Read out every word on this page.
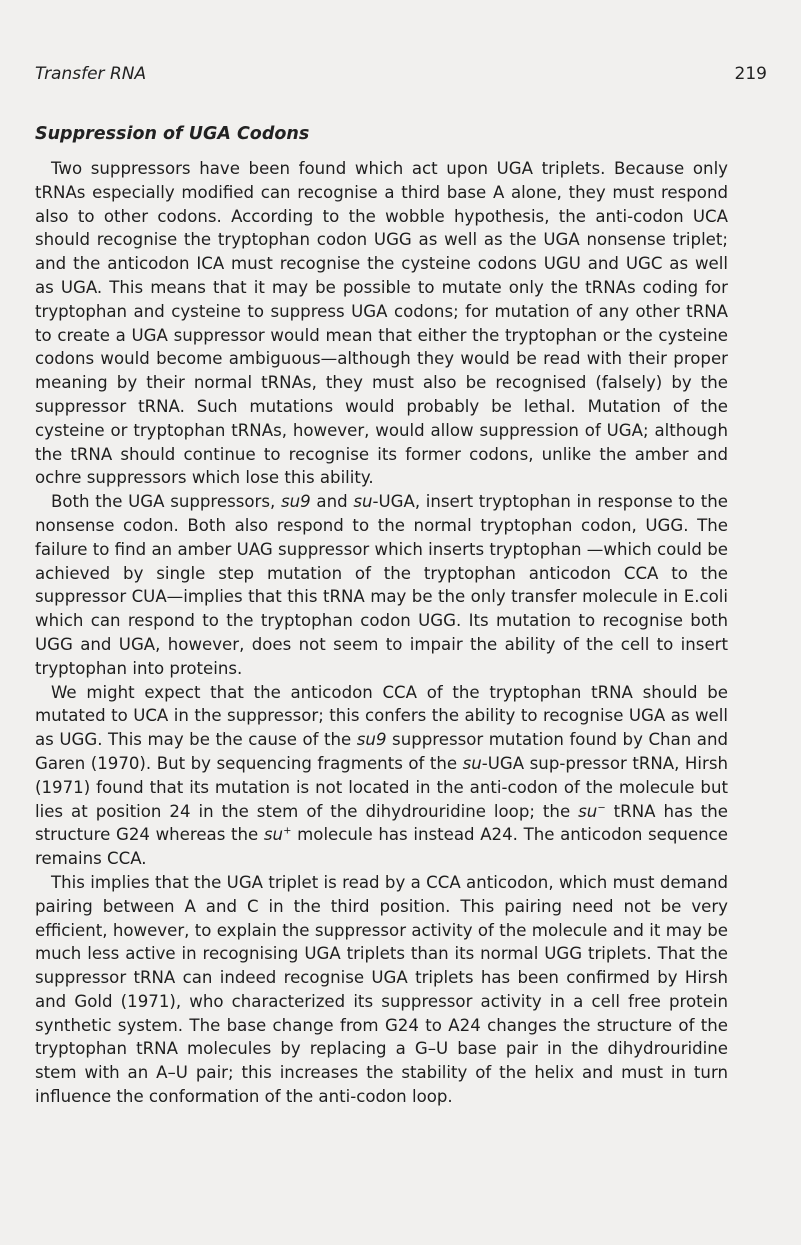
Transfer RNA	219
Suppression of UGA Codons

Two suppressors have been found which act upon UGA triplets. Because only tRNAs especially modified can recognise a third base A alone, they must respond also to other codons. According to the wobble hypothesis, the anti-codon UCA should recognise the tryptophan codon UGG as well as the UGA nonsense triplet; and the anticodon ICA must recognise the cysteine codons UGU and UGC as well as UGA. This means that it may be possible to mutate only the tRNAs coding for tryptophan and cysteine to suppress UGA codons; for mutation of any other tRNA to create a UGA suppressor would mean that either the tryptophan or the cysteine codons would become ambiguous—although they would be read with their proper meaning by their normal tRNAs, they must also be recognised (falsely) by the suppressor tRNA. Such mutations would probably be lethal. Mutation of the cysteine or tryptophan tRNAs, however, would allow suppression of UGA; although the tRNA should continue to recognise its former codons, unlike the amber and ochre suppressors which lose this ability.

Both the UGA suppressors, su9 and su-UGA, insert tryptophan in response to the nonsense codon. Both also respond to the normal tryptophan codon, UGG. The failure to find an amber UAG suppressor which inserts tryptophan —which could be achieved by single step mutation of the tryptophan anticodon CCA to the suppressor CUA—implies that this tRNA may be the only transfer molecule in E.coli which can respond to the tryptophan codon UGG. Its mutation to recognise both UGG and UGA, however, does not seem to impair the ability of the cell to insert tryptophan into proteins.

We might expect that the anticodon CCA of the tryptophan tRNA should be mutated to UCA in the suppressor; this confers the ability to recognise UGA as well as UGG. This may be the cause of the su9 suppressor mutation found by Chan and Garen (1970). But by sequencing fragments of the su-UGA sup-pressor tRNA, Hirsh (1971) found that its mutation is not located in the anti-codon of the molecule but lies at position 24 in the stem of the dihydrouridine loop; the su− tRNA has the structure G24 whereas the su+ molecule has instead A24. The anticodon sequence remains CCA.

This implies that the UGA triplet is read by a CCA anticodon, which must demand pairing between A and C in the third position. This pairing need not be very efficient, however, to explain the suppressor activity of the molecule and it may be much less active in recognising UGA triplets than its normal UGG triplets. That the suppressor tRNA can indeed recognise UGA triplets has been confirmed by Hirsh and Gold (1971), who characterized its suppressor activity in a cell free protein synthetic system. The base change from G24 to A24 changes the structure of the tryptophan tRNA molecules by replacing a G–U base pair in the dihydrouridine stem with an A–U pair; this increases the stability of the helix and must in turn influence the conformation of the anti-codon loop.
